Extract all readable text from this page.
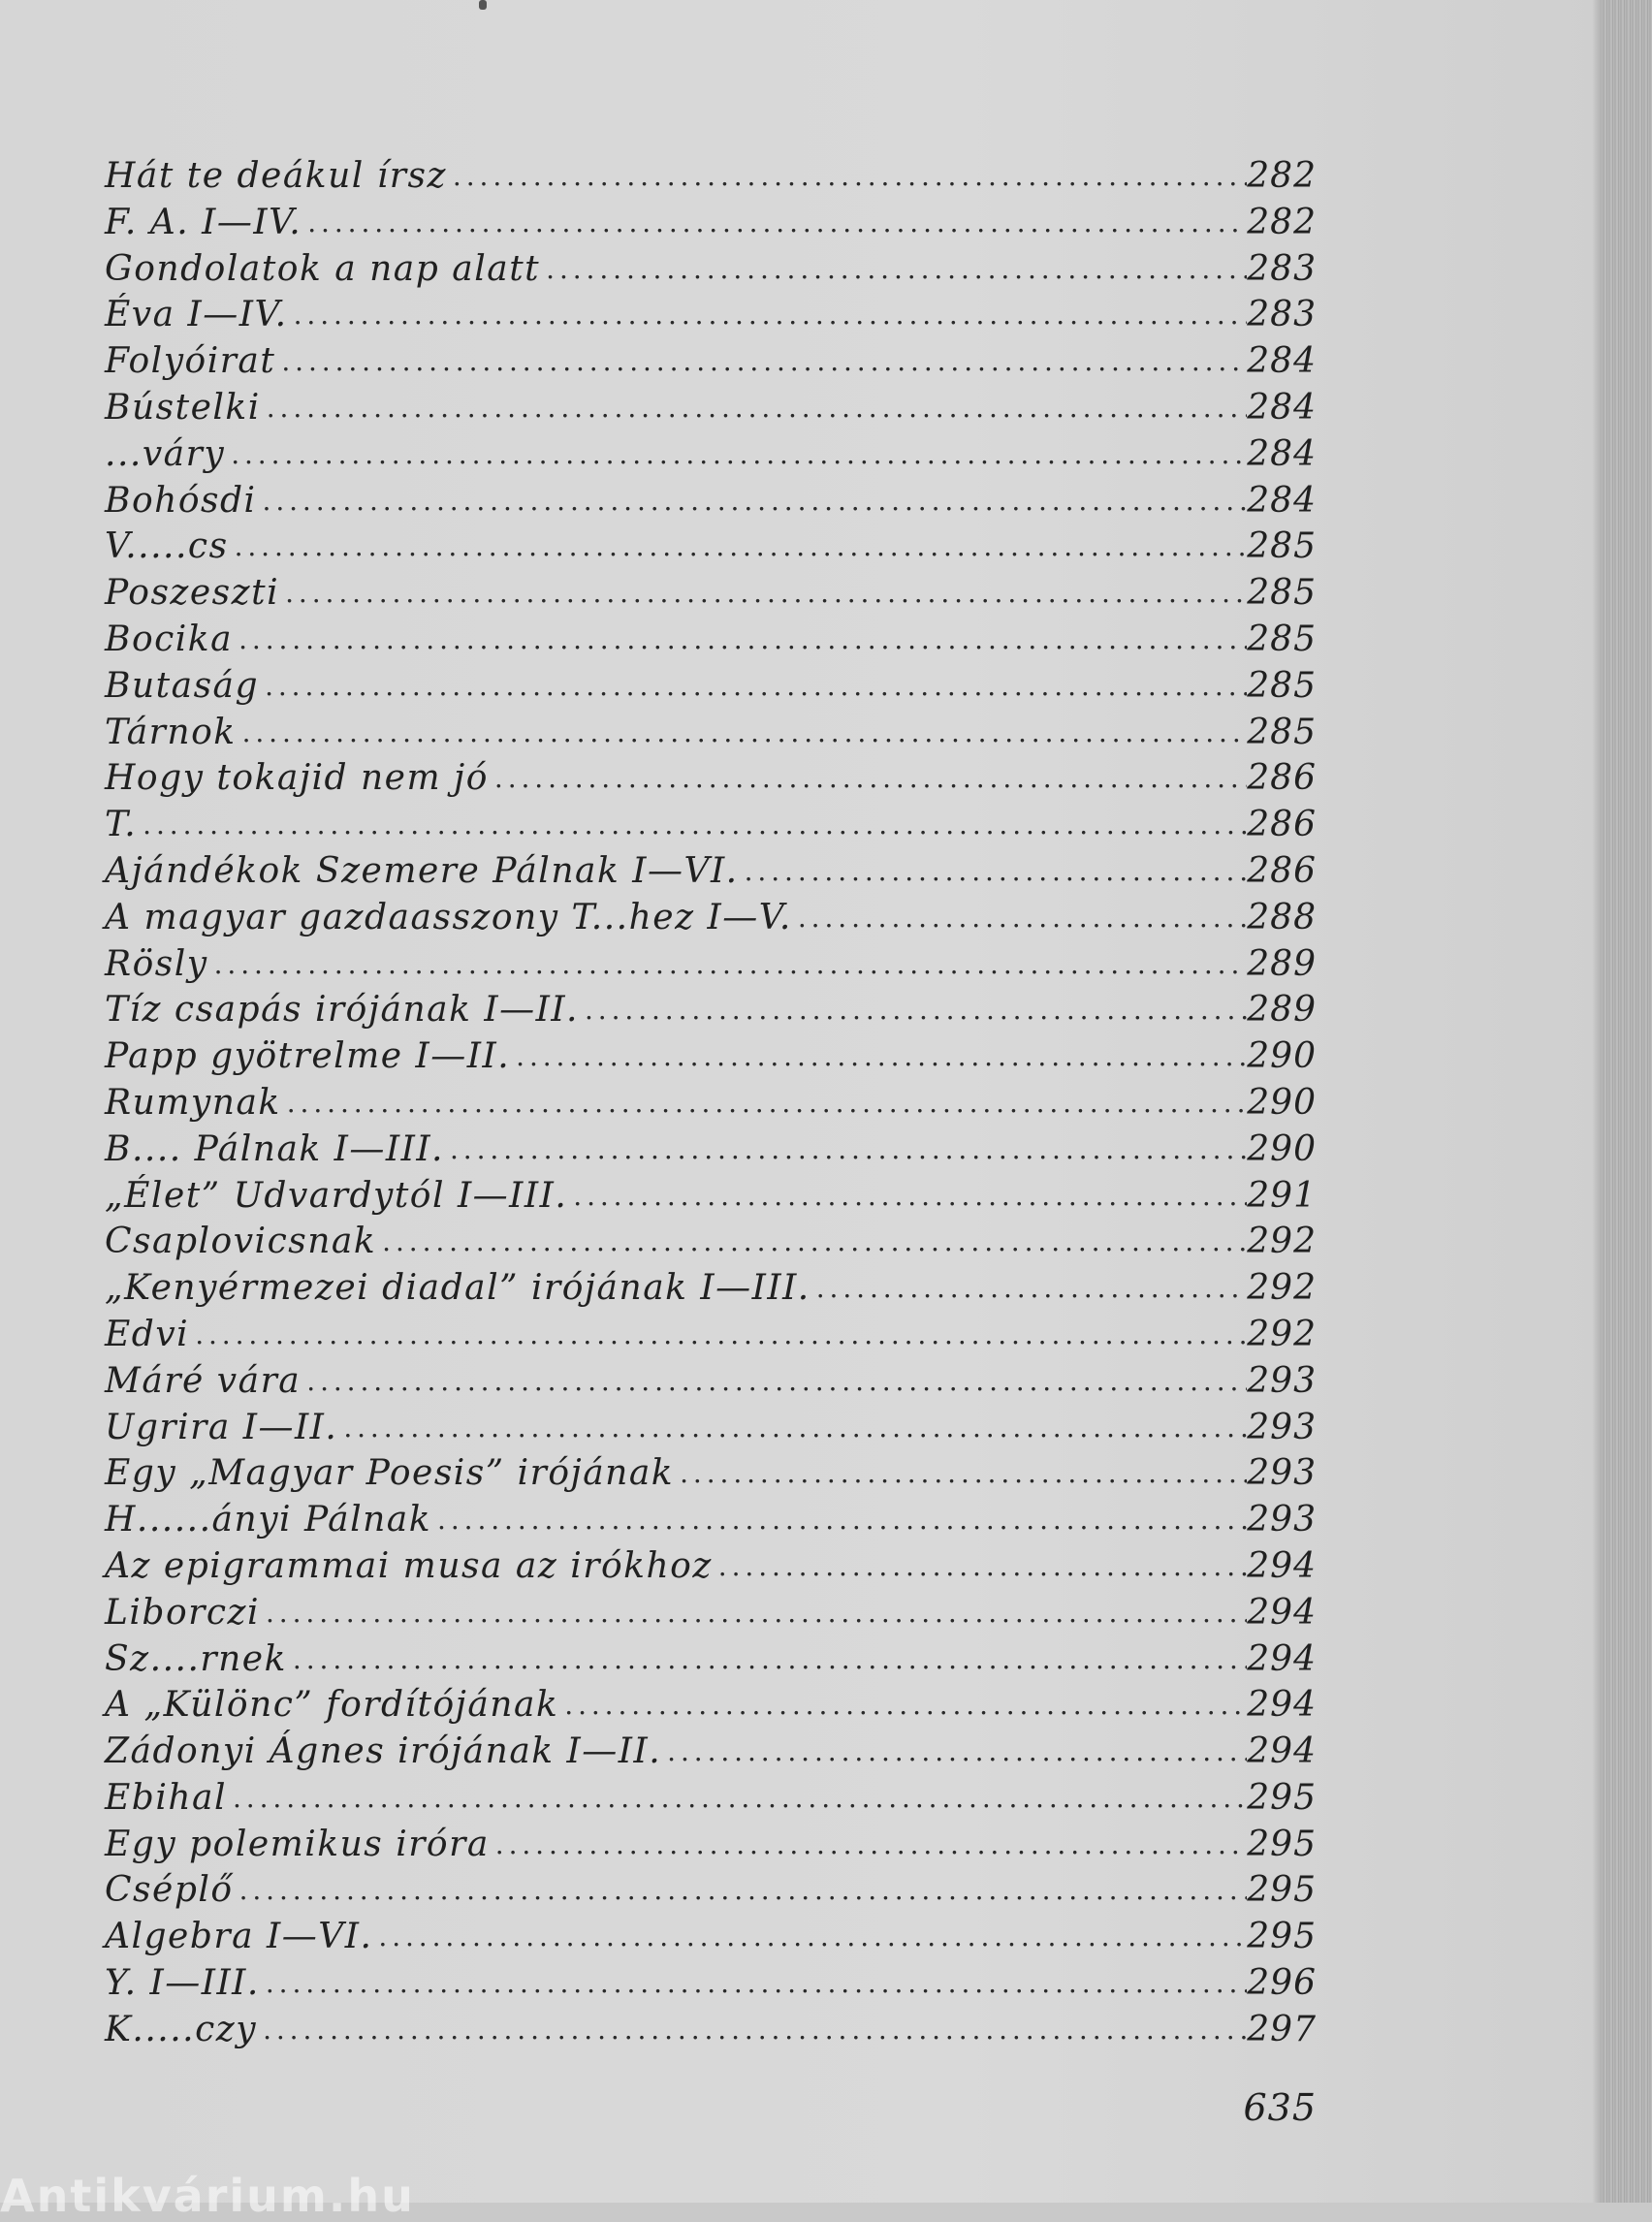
Hát te deákul írsz . . .	282
F. A. I—IV. . . .	282
Gondolatok a nap alatt . . .	283
Éva I—IV. . . .	283
Folyóirat . . .	284
Bústelki . . .	284
...váry . . .	284
Bohósdi . . .	284
V.....cs . . .	285
Poszeszti . . .	285
Bocika . . .	285
Butaság . . .	285
Tárnok . . .	285
Hogy tokajid nem jó . . .	286
T. . . .	286
Ajándékok Szemere Pálnak I—VI. . . .	286
A magyar gazdaasszony T...hez I—V. . . .	288
Rösly . . .	289
Tíz csapás irójának I—II. . . .	289
Papp gyötrelme I—II. . . .	290
Rumynak . . .	290
B.... Pálnak I—III. . . .	290
„Élet” Udvardytól I—III. . . .	291
Csaplovicsnak . . .	292
„Kenyérmezei diadal” irójának I—III. . . .	292
Edvi . . .	292
Máré vára . . .	293
Ugrira I—II. . . .	293
Egy „Magyar Poesis” irójának . . .	293
H......ányi Pálnak . . .	293
Az epigrammai musa az irókhoz . . .	294
Liborczi . . .	294
Sz....rnek . . .	294
A „Különc” fordítójának . . .	294
Zádonyi Ágnes irójának I—II. . . .	294
Ebihal . . .	295
Egy polemikus iróra . . .	295
Cséplő . . .	295
Algebra I—VI. . . .	295
Y. I—III. . . .	296
K.....czy . . .	297
635
Antikvárium.hu
